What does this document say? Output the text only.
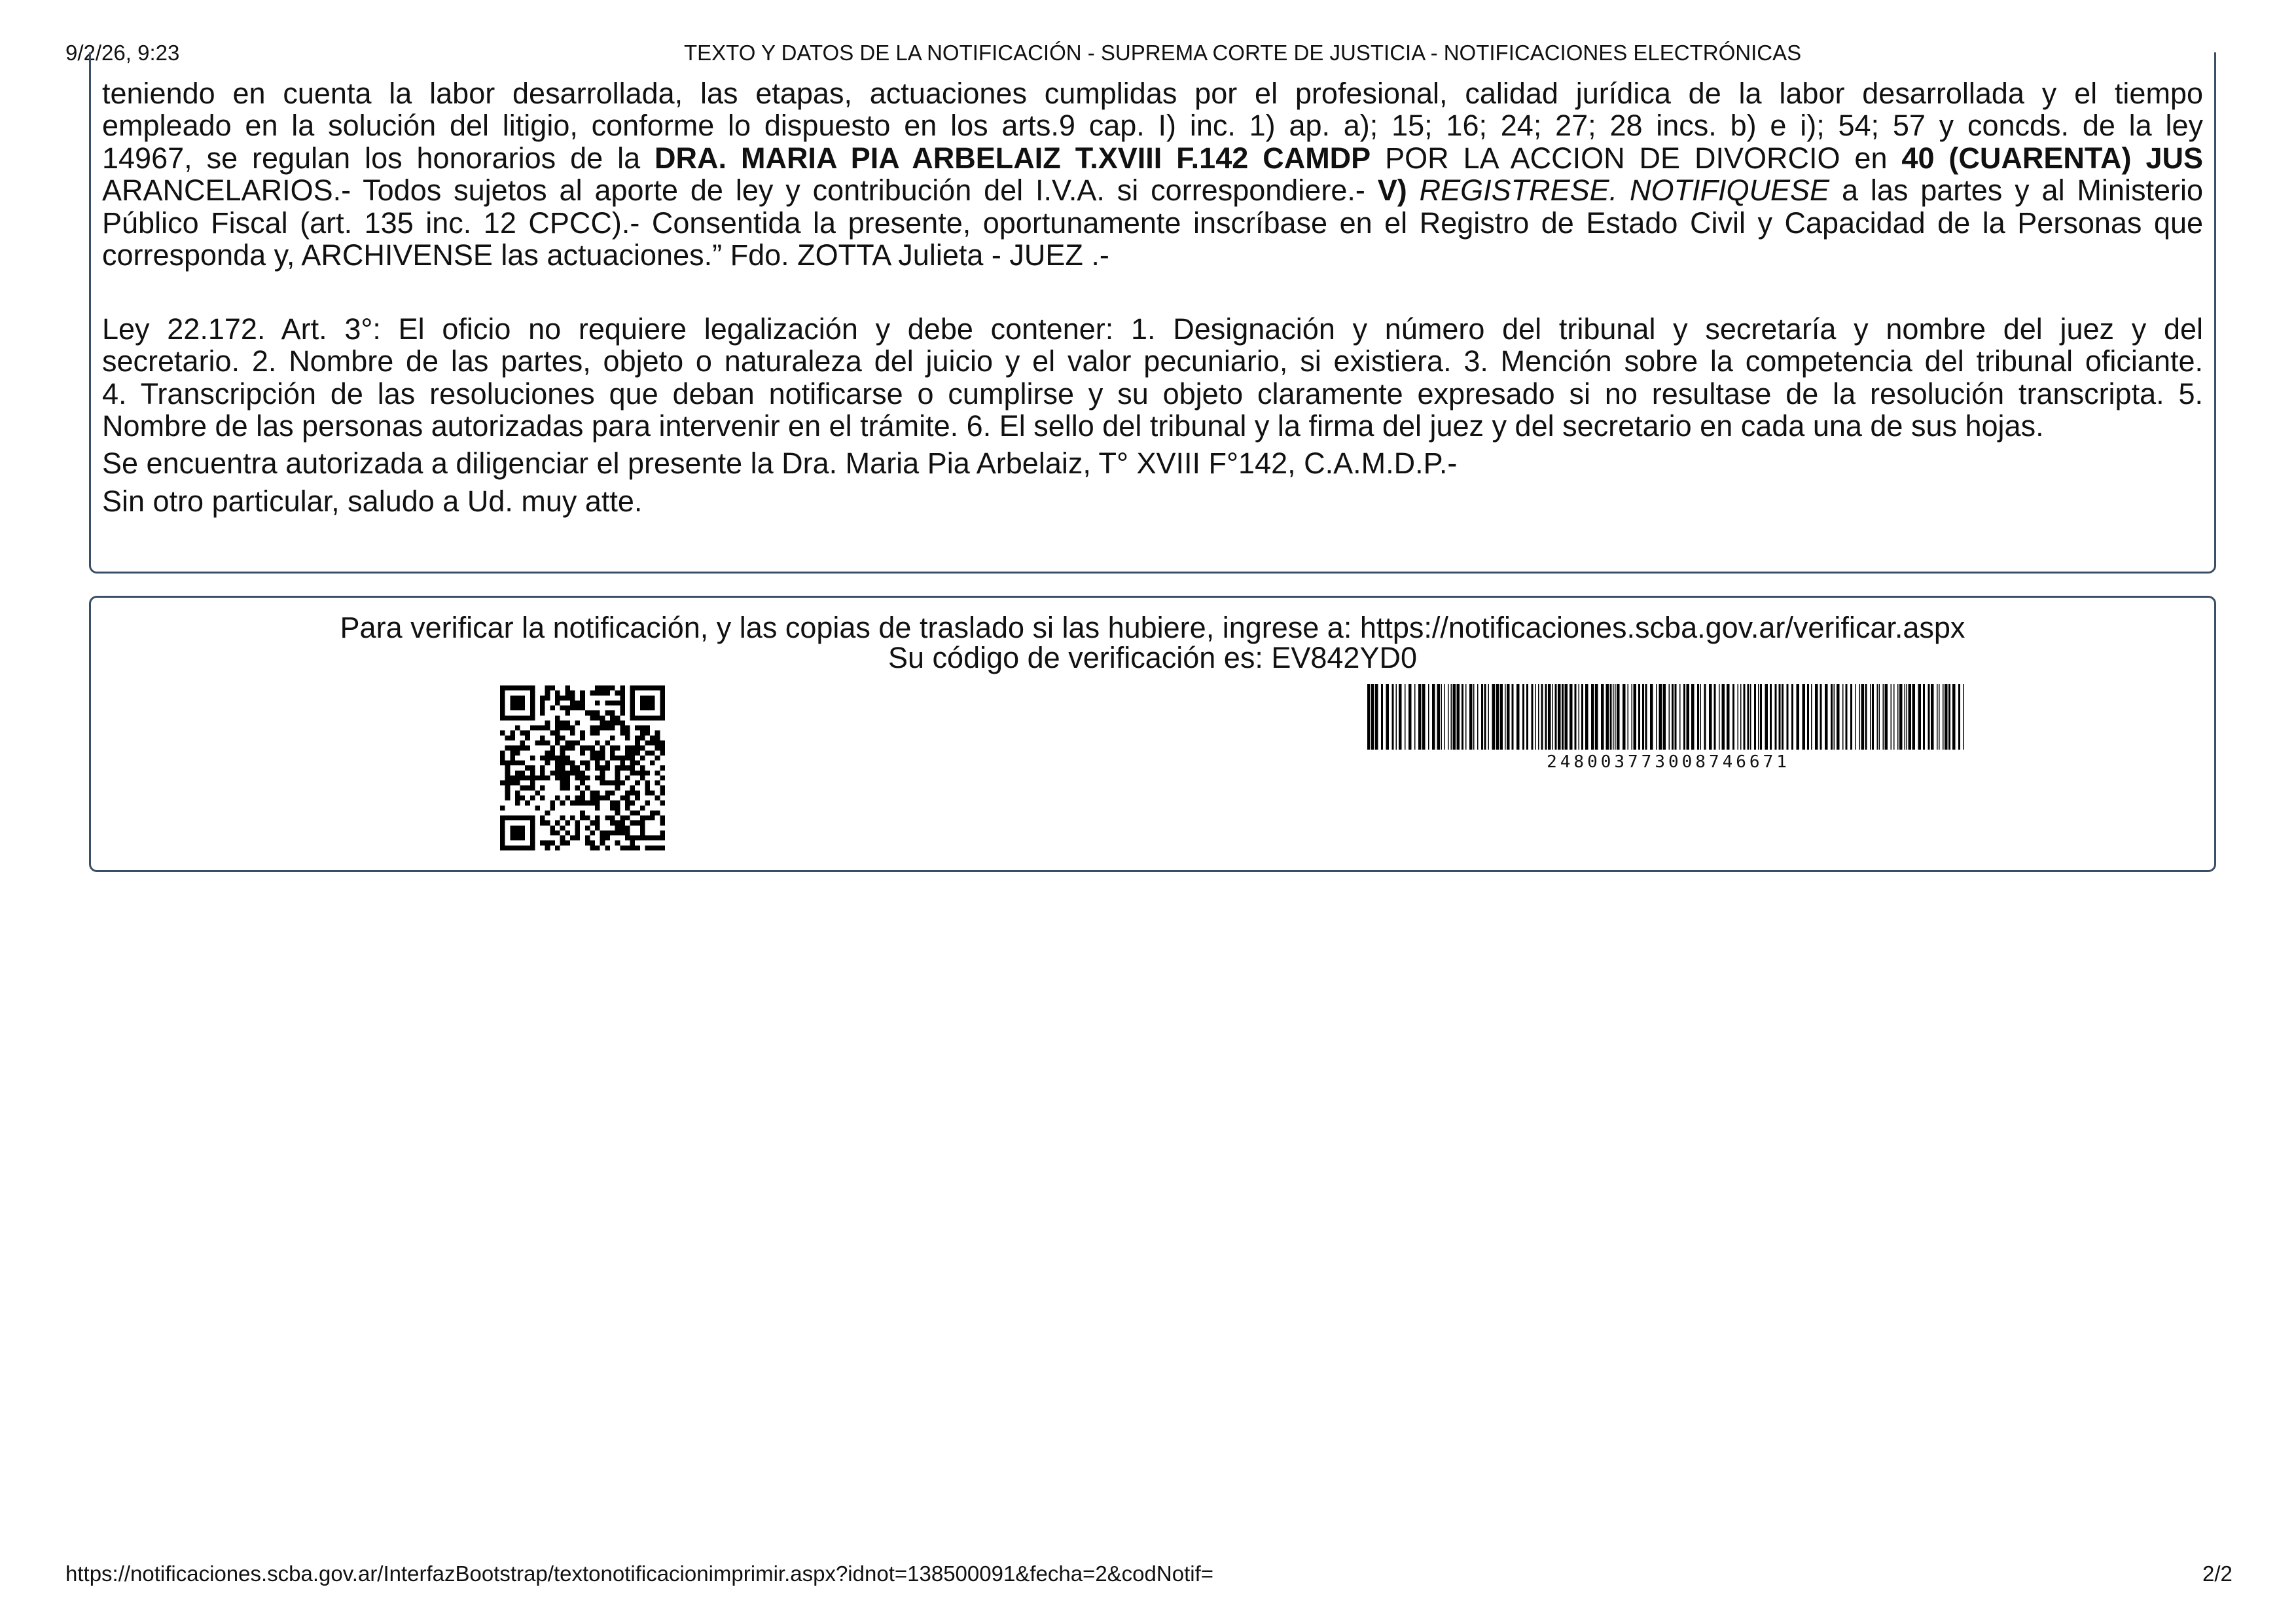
9/2/26, 9:23	TEXTO Y DATOS DE LA NOTIFICACIÓN - SUPREMA CORTE DE JUSTICIA - NOTIFICACIONES ELECTRÓNICAS
teniendo en cuenta la labor desarrollada, las etapas, actuaciones cumplidas por el profesional, calidad jurídica de la labor desarrollada y el tiempo
empleado en la solución del litigio, conforme lo dispuesto en los arts.9 cap. I) inc. 1) ap. a); 15; 16; 24; 27; 28 incs. b) e i); 54; 57 y concds. de la ley
14967, se regulan los honorarios de la DRA. MARIA PIA ARBELAIZ T.XVIII F.142 CAMDP POR LA ACCION DE DIVORCIO en 40 (CUARENTA) JUS
ARANCELARIOS.- Todos sujetos al aporte de ley y contribución del I.V.A. si correspondiere.- V) REGISTRESE. NOTIFIQUESE a las partes y al Ministerio
Público Fiscal (art. 135 inc. 12 CPCC).- Consentida la presente, oportunamente inscríbase en el Registro de Estado Civil y Capacidad de la Personas que
corresponda y, ARCHIVENSE las actuaciones.” Fdo. ZOTTA Julieta - JUEZ .-
Ley 22.172. Art. 3°: El oficio no requiere legalización y debe contener: 1. Designación y número del tribunal y secretaría y nombre del juez y del
secretario. 2. Nombre de las partes, objeto o naturaleza del juicio y el valor pecuniario, si existiera. 3. Mención sobre la competencia del tribunal oficiante.
4. Transcripción de las resoluciones que deban notificarse o cumplirse y su objeto claramente expresado si no resultase de la resolución transcripta. 5.
Nombre de las personas autorizadas para intervenir en el trámite. 6. El sello del tribunal y la firma del juez y del secretario en cada una de sus hojas.
Se encuentra autorizada a diligenciar el presente la Dra. Maria Pia Arbelaiz, T° XVIII F°142, C.A.M.D.P.-
Sin otro particular, saludo a Ud. muy atte.
Para verificar la notificación, y las copias de traslado si las hubiere, ingrese a: https://notificaciones.scba.gov.ar/verificar.aspx
Su código de verificación es: EV842YD0
248003773008746671
https://notificaciones.scba.gov.ar/InterfazBootstrap/textonotificacionimprimir.aspx?idnot=138500091&fecha=2&codNotif=	2/2
